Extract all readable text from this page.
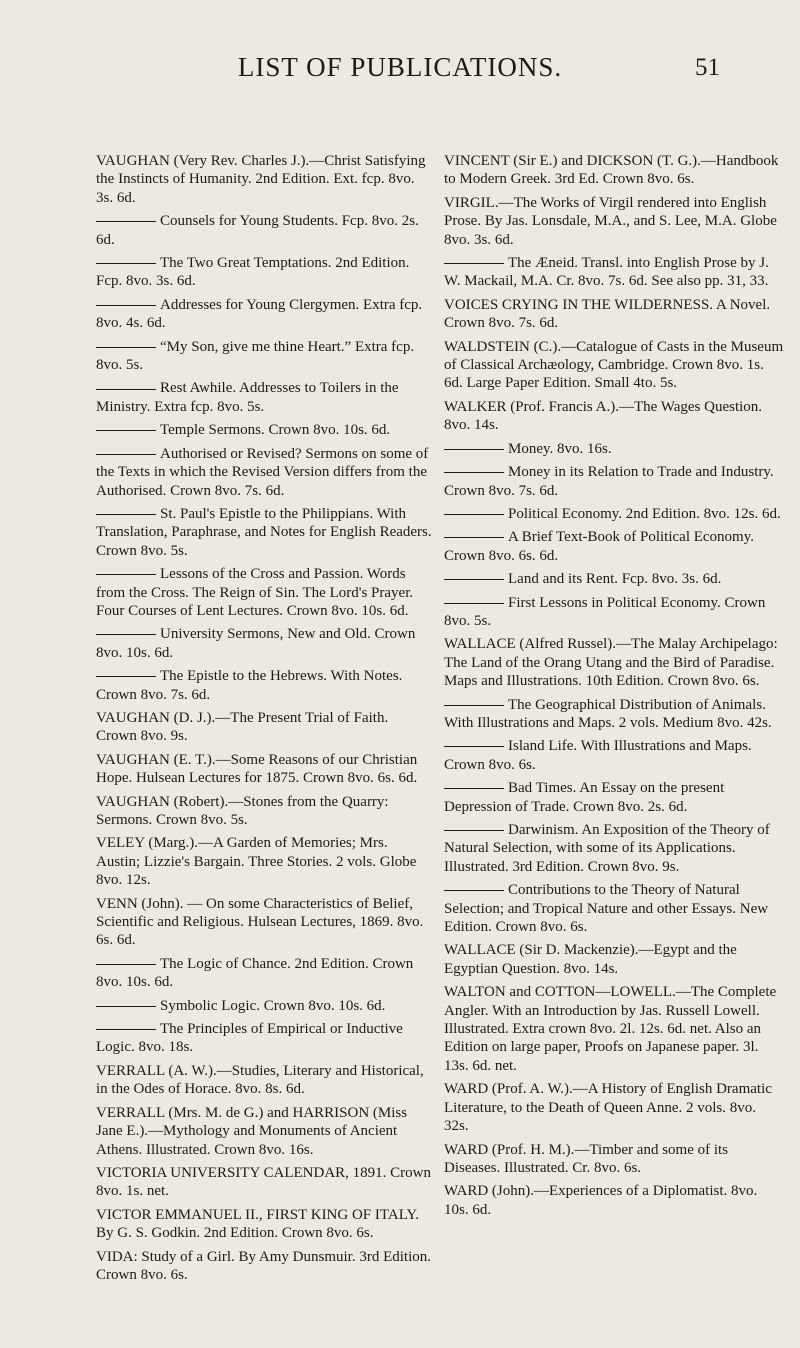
LIST OF PUBLICATIONS.	51
VAUGHAN (Very Rev. Charles J.).—Christ Satisfying the Instincts of Humanity. 2nd Edition. Ext. fcp. 8vo. 3s. 6d.
Counsels for Young Students. Fcp. 8vo. 2s. 6d.
The Two Great Temptations. 2nd Edition. Fcp. 8vo. 3s. 6d.
Addresses for Young Clergymen. Extra fcp. 8vo. 4s. 6d.
“My Son, give me thine Heart.” Extra fcp. 8vo. 5s.
Rest Awhile. Addresses to Toilers in the Ministry. Extra fcp. 8vo. 5s.
Temple Sermons. Crown 8vo. 10s. 6d.
Authorised or Revised? Sermons on some of the Texts in which the Revised Version differs from the Authorised. Crown 8vo. 7s. 6d.
St. Paul's Epistle to the Philippians. With Translation, Paraphrase, and Notes for English Readers. Crown 8vo. 5s.
Lessons of the Cross and Passion. Words from the Cross. The Reign of Sin. The Lord's Prayer. Four Courses of Lent Lectures. Crown 8vo. 10s. 6d.
University Sermons, New and Old. Crown 8vo. 10s. 6d.
The Epistle to the Hebrews. With Notes. Crown 8vo. 7s. 6d.
VAUGHAN (D. J.).—The Present Trial of Faith. Crown 8vo. 9s.
VAUGHAN (E. T.).—Some Reasons of our Christian Hope. Hulsean Lectures for 1875. Crown 8vo. 6s. 6d.
VAUGHAN (Robert).—Stones from the Quarry: Sermons. Crown 8vo. 5s.
VELEY (Marg.).—A Garden of Memories; Mrs. Austin; Lizzie's Bargain. Three Stories. 2 vols. Globe 8vo. 12s.
VENN (John). — On some Characteristics of Belief, Scientific and Religious. Hulsean Lectures, 1869. 8vo. 6s. 6d.
The Logic of Chance. 2nd Edition. Crown 8vo. 10s. 6d.
Symbolic Logic. Crown 8vo. 10s. 6d.
The Principles of Empirical or Inductive Logic. 8vo. 18s.
VERRALL (A. W.).—Studies, Literary and Historical, in the Odes of Horace. 8vo. 8s. 6d.
VERRALL (Mrs. M. de G.) and HARRISON (Miss Jane E.).—Mythology and Monuments of Ancient Athens. Illustrated. Crown 8vo. 16s.
VICTORIA UNIVERSITY CALENDAR, 1891. Crown 8vo. 1s. net.
VICTOR EMMANUEL II., FIRST KING OF ITALY. By G. S. Godkin. 2nd Edition. Crown 8vo. 6s.
VIDA: Study of a Girl. By Amy Dunsmuir. 3rd Edition. Crown 8vo. 6s.
VINCENT (Sir E.) and DICKSON (T. G.).—Handbook to Modern Greek. 3rd Ed. Crown 8vo. 6s.
VIRGIL.—The Works of Virgil rendered into English Prose. By Jas. Lonsdale, M.A., and S. Lee, M.A. Globe 8vo. 3s. 6d.
The Æneid. Transl. into English Prose by J. W. Mackail, M.A. Cr. 8vo. 7s. 6d. See also pp. 31, 33.
VOICES CRYING IN THE WILDERNESS. A Novel. Crown 8vo. 7s. 6d.
WALDSTEIN (C.).—Catalogue of Casts in the Museum of Classical Archæology, Cambridge. Crown 8vo. 1s. 6d. Large Paper Edition. Small 4to. 5s.
WALKER (Prof. Francis A.).—The Wages Question. 8vo. 14s.
Money. 8vo. 16s.
Money in its Relation to Trade and Industry. Crown 8vo. 7s. 6d.
Political Economy. 2nd Edition. 8vo. 12s. 6d.
A Brief Text-Book of Political Economy. Crown 8vo. 6s. 6d.
Land and its Rent. Fcp. 8vo. 3s. 6d.
First Lessons in Political Economy. Crown 8vo. 5s.
WALLACE (Alfred Russel).—The Malay Archipelago: The Land of the Orang Utang and the Bird of Paradise. Maps and Illustrations. 10th Edition. Crown 8vo. 6s.
The Geographical Distribution of Animals. With Illustrations and Maps. 2 vols. Medium 8vo. 42s.
Island Life. With Illustrations and Maps. Crown 8vo. 6s.
Bad Times. An Essay on the present Depression of Trade. Crown 8vo. 2s. 6d.
Darwinism. An Exposition of the Theory of Natural Selection, with some of its Applications. Illustrated. 3rd Edition. Crown 8vo. 9s.
Contributions to the Theory of Natural Selection; and Tropical Nature and other Essays. New Edition. Crown 8vo. 6s.
WALLACE (Sir D. Mackenzie).—Egypt and the Egyptian Question. 8vo. 14s.
WALTON and COTTON—LOWELL.—The Complete Angler. With an Introduction by Jas. Russell Lowell. Illustrated. Extra crown 8vo. 2l. 12s. 6d. net. Also an Edition on large paper, Proofs on Japanese paper. 3l. 13s. 6d. net.
WARD (Prof. A. W.).—A History of English Dramatic Literature, to the Death of Queen Anne. 2 vols. 8vo. 32s.
WARD (Prof. H. M.).—Timber and some of its Diseases. Illustrated. Cr. 8vo. 6s.
WARD (John).—Experiences of a Diplomatist. 8vo. 10s. 6d.
